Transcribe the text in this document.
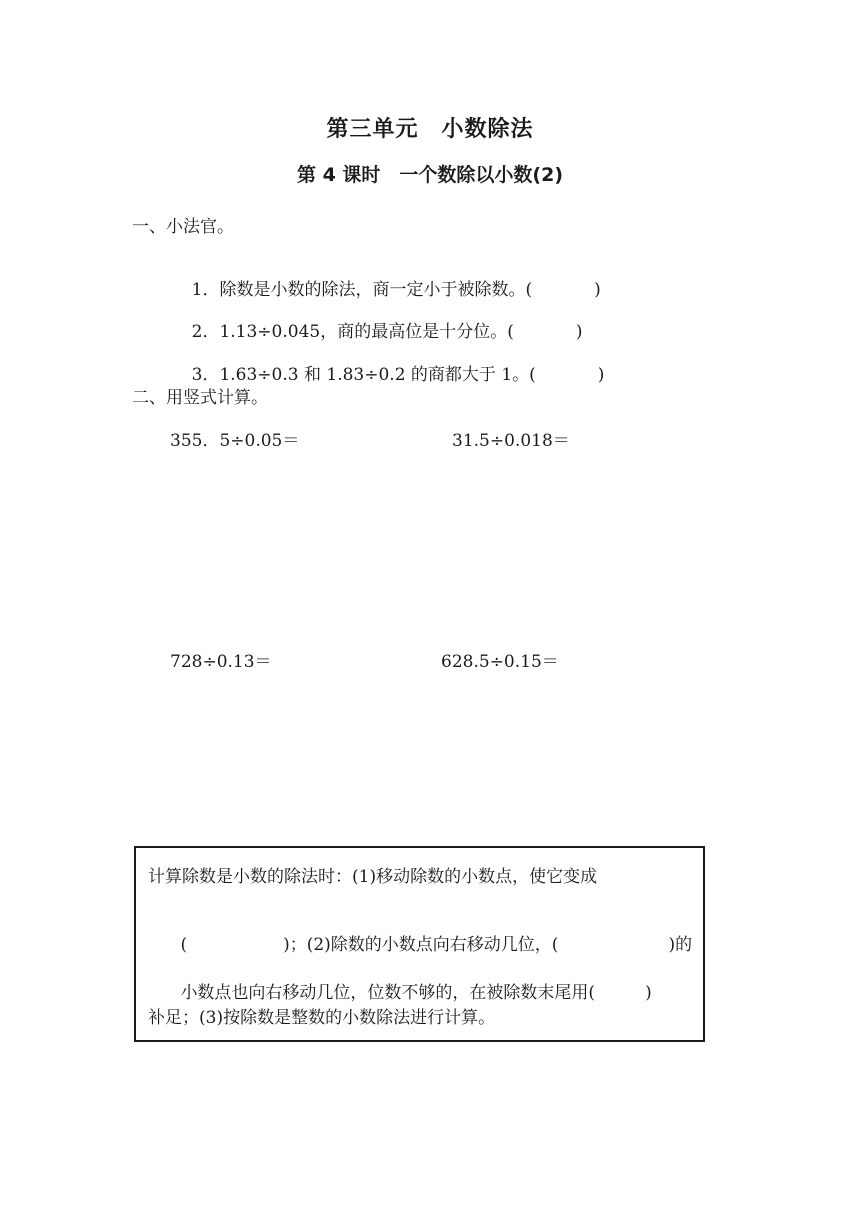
第三单元　小数除法
第 4 课时　一个数除以小数(2)
一、小法官。

1．除数是小数的除法，商一定小于被除数。(	)

2．1.13÷0.045，商的最高位是十分位。(	)

3．1.63÷0.3 和 1.83÷0.2 的商都大于 1。(	)

二、用竖式计算。
355．5÷0.05＝	31.5÷0.018＝
728÷0.13＝	628.5÷0.15＝
计算除数是小数的除法时：(1)移动除数的小数点，使它变成

(	)；(2)除数的小数点向右移动几位，(	)的

小数点也向右移动几位，位数不够的，在被除数末尾用(	)

补足；(3)按除数是整数的小数除法进行计算。
